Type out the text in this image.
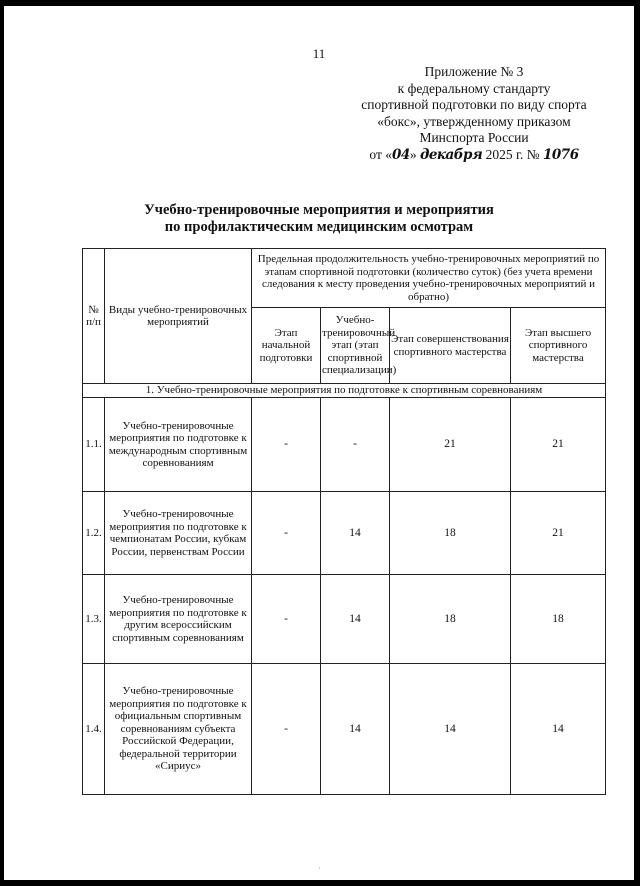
11
Приложение № 3
к федеральному стандарту
спортивной подготовки по виду спорта
«бокс», утвержденному приказом
Минспорта России
от «04» декабря 2025 г. № 1076
Учебно-тренировочные мероприятия и мероприятия
по профилактическим медицинским осмотрам
№ п/п	Виды учебно-тренировочных мероприятий	Предельная продолжительность учебно-тренировочных мероприятий по этапам спортивной подготовки (количество суток) (без учета времени следования к месту проведения учебно-тренировочных мероприятий и обратно)			
		Этап начальной подготовки	Учебно-тренировочный этап (этап спортивной специализации)	Этап совершенствования спортивного мастерства	Этап высшего спортивного мастерства
1. Учебно-тренировочные мероприятия по подготовке к спортивным соревнованиям					
1.1.	Учебно-тренировочные мероприятия по подготовке к международным спортивным соревнованиям	-	-	21	21
1.2.	Учебно-тренировочные мероприятия по подготовке к чемпионатам России, кубкам России, первенствам России	-	14	18	21
1.3.	Учебно-тренировочные мероприятия по подготовке к другим всероссийским спортивным соревнованиям	-	14	18	18
1.4.	Учебно-тренировочные мероприятия по подготовке к официальным спортивным соревнованиям субъекта Российской Федерации, федеральной территории «Сириус»	-	14	14	14
·
